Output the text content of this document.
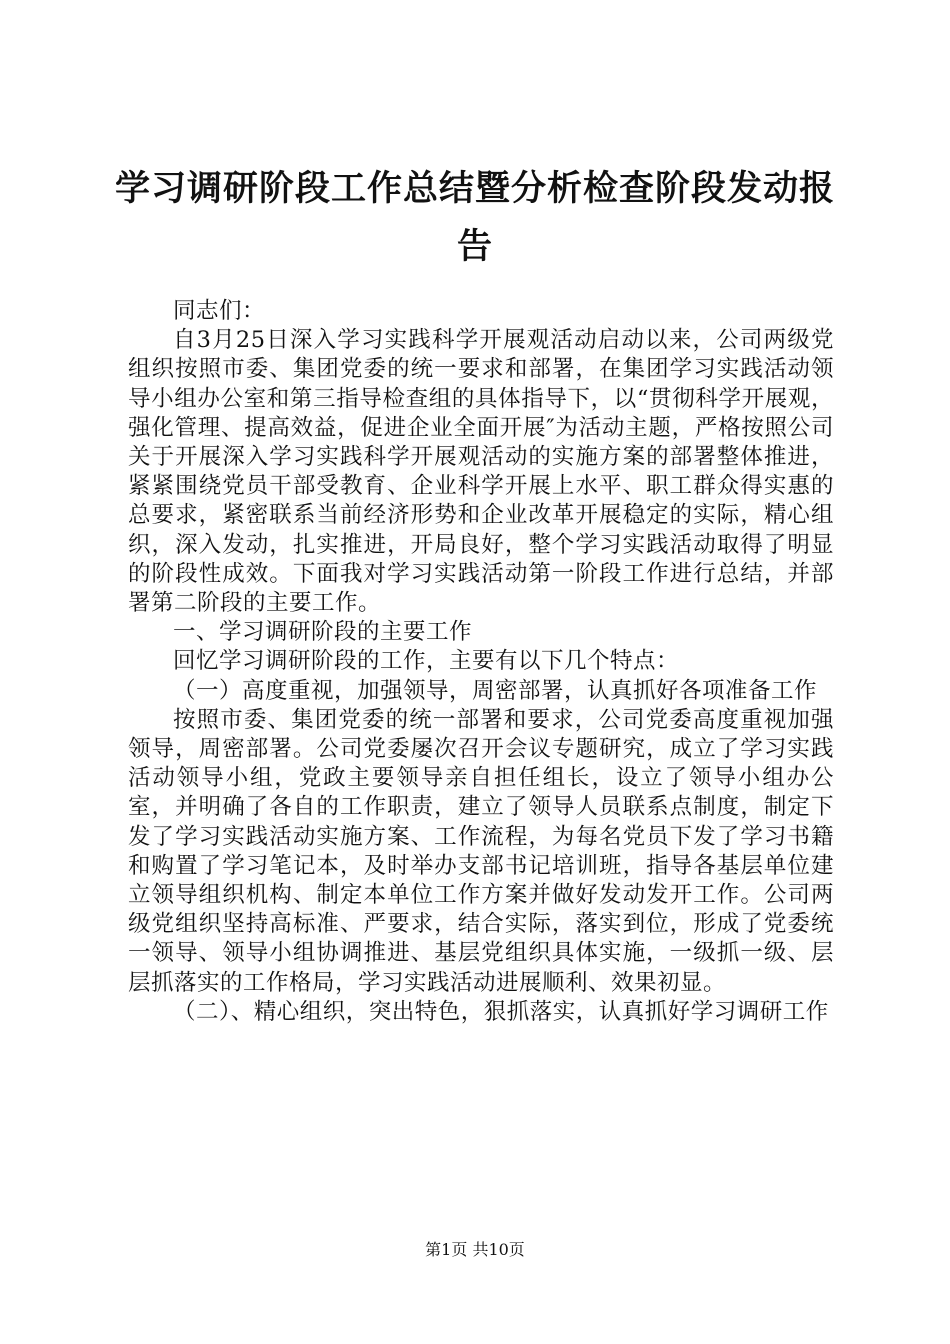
学习调研阶段工作总结暨分析检查阶段发动报告

同志们：

自3月25日深入学习实践科学开展观活动启动以来，公司两级党组织按照市委、集团党委的统一要求和部署，在集团学习实践活动领导小组办公室和第三指导检查组的具体指导下，以“贯彻科学开展观，强化管理、提高效益，促进企业全面开展″为活动主题，严格按照公司关于开展深入学习实践科学开展观活动的实施方案的部署整体推进，紧紧围绕党员干部受教育、企业科学开展上水平、职工群众得实惠的总要求，紧密联系当前经济形势和企业改革开展稳定的实际，精心组织，深入发动，扎实推进，开局良好，整个学习实践活动取得了明显的阶段性成效。下面我对学习实践活动第一阶段工作进行总结，并部署第二阶段的主要工作。

一、学习调研阶段的主要工作

回忆学习调研阶段的工作，主要有以下几个特点：

（一）高度重视，加强领导，周密部署，认真抓好各项准备工作

按照市委、集团党委的统一部署和要求，公司党委高度重视加强领导，周密部署。公司党委屡次召开会议专题研究，成立了学习实践活动领导小组，党政主要领导亲自担任组长，设立了领导小组办公室，并明确了各自的工作职责，建立了领导人员联系点制度，制定下发了学习实践活动实施方案、工作流程，为每名党员下发了学习书籍和购置了学习笔记本，及时举办支部书记培训班，指导各基层单位建立领导组织机构、制定本单位工作方案并做好发动发开工作。公司两级党组织坚持高标准、严要求，结合实际，落实到位，形成了党委统一领导、领导小组协调推进、基层党组织具体实施，一级抓一级、层层抓落实的工作格局，学习实践活动进展顺利、效果初显。

（二）、精心组织，突出特色，狠抓落实，认真抓好学习调研工作

第1页 共10页
